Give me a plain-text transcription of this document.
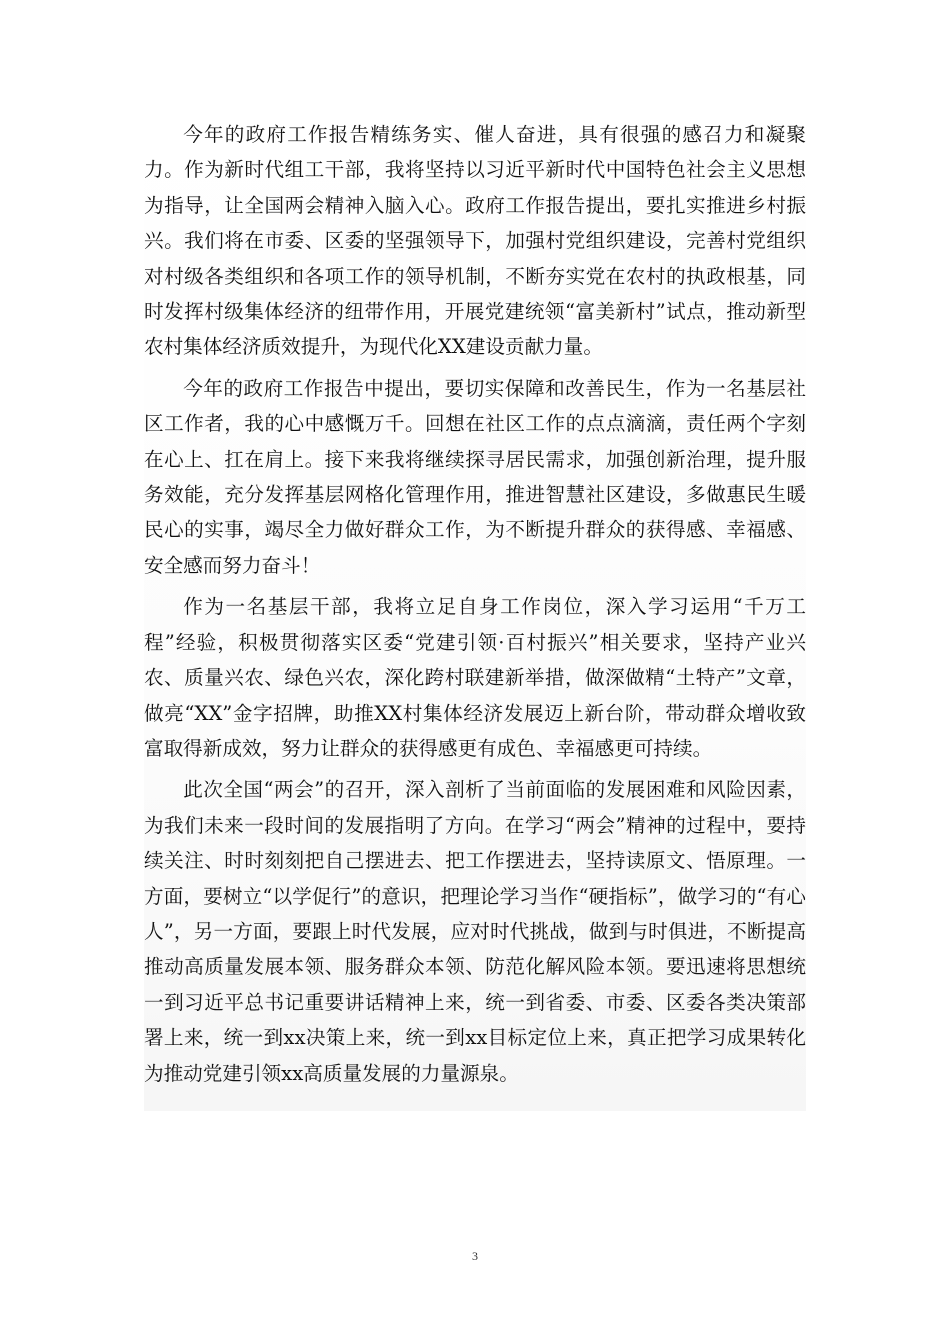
今年的政府工作报告精练务实、催人奋进，具有很强的感召力和凝聚力。作为新时代组工干部，我将坚持以习近平新时代中国特色社会主义思想为指导，让全国两会精神入脑入心。政府工作报告提出，要扎实推进乡村振兴。我们将在市委、区委的坚强领导下，加强村党组织建设，完善村党组织对村级各类组织和各项工作的领导机制，不断夯实党在农村的执政根基，同时发挥村级集体经济的纽带作用，开展党建统领“富美新村”试点，推动新型农村集体经济质效提升，为现代化XX建设贡献力量。

今年的政府工作报告中提出，要切实保障和改善民生，作为一名基层社区工作者，我的心中感慨万千。回想在社区工作的点点滴滴，责任两个字刻在心上、扛在肩上。接下来我将继续探寻居民需求，加强创新治理，提升服务效能，充分发挥基层网格化管理作用，推进智慧社区建设，多做惠民生暖民心的实事，竭尽全力做好群众工作，为不断提升群众的获得感、幸福感、安全感而努力奋斗！

作为一名基层干部，我将立足自身工作岗位，深入学习运用“千万工程”经验，积极贯彻落实区委“党建引领·百村振兴”相关要求，坚持产业兴农、质量兴农、绿色兴农，深化跨村联建新举措，做深做精“土特产”文章，做亮“XX”金字招牌，助推XX村集体经济发展迈上新台阶，带动群众增收致富取得新成效，努力让群众的获得感更有成色、幸福感更可持续。

此次全国“两会”的召开，深入剖析了当前面临的发展困难和风险因素，为我们未来一段时间的发展指明了方向。在学习“两会”精神的过程中，要持续关注、时时刻刻把自己摆进去、把工作摆进去，坚持读原文、悟原理。一方面，要树立“以学促行”的意识，把理论学习当作“硬指标”，做学习的“有心人”，另一方面，要跟上时代发展，应对时代挑战，做到与时俱进，不断提高推动高质量发展本领、服务群众本领、防范化解风险本领。要迅速将思想统一到习近平总书记重要讲话精神上来，统一到省委、市委、区委各类决策部署上来，统一到xx决策上来，统一到xx目标定位上来，真正把学习成果转化为推动党建引领xx高质量发展的力量源泉。

3
